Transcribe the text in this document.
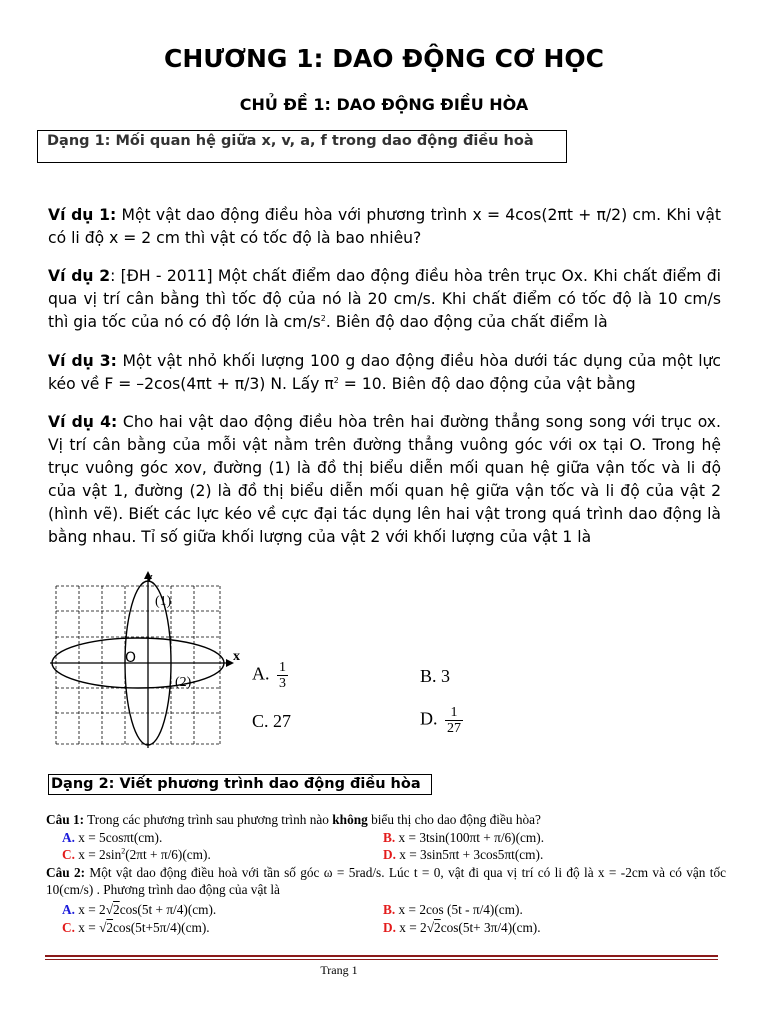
CHƯƠNG 1: DAO ĐỘNG CƠ HỌC
CHỦ ĐỀ 1: DAO ĐỘNG ĐIỀU HÒA
Dạng 1: Mối quan hệ giữa x, v, a, f trong dao động điều hoà
Ví dụ 1: Một vật dao động điều hòa với phương trình x = 4cos(2πt + π/2) cm. Khi vật có li độ x = 2 cm thì vật có tốc độ là bao nhiêu?
Ví dụ 2: [ĐH - 2011] Một chất điểm dao động điều hòa trên trục Ox. Khi chất điểm đi qua vị trí cân bằng thì tốc độ của nó là 20 cm/s. Khi chất điểm có tốc độ là 10 cm/s thì gia tốc của nó có độ lớn là $cm/s^2$. Biên độ dao động của chất điểm là
Ví dụ 3: Một vật nhỏ khối lượng 100 g dao động điều hòa dưới tác dụng của một lực kéo về F = –2cos(4πt + π/3) N. Lấy $\pi^2 = 10$. Biên độ dao động của vật bằng
Ví dụ 4: Cho hai vật dao động điều hòa trên hai đường thẳng song song với trục ox. Vị trí cân bằng của mỗi vật nằm trên đường thẳng vuông góc với ox tại O. Trong hệ trục vuông góc xov, đường (1) là đồ thị biểu diễn mối quan hệ giữa vận tốc và li độ của vật 1, đường (2) là đồ thị biểu diễn mối quan hệ giữa vận tốc và li độ của vật 2 (hình vẽ). Biết các lực kéo về cực đại tác dụng lên hai vật trong quá trình dao động là bằng nhau. Tỉ số giữa khối lượng của vật 2 với khối lượng của vật 1 là
v
x
O
(1)
(2)	A. $\frac{1}{3}$	B. 3
C. 27	D. $\frac{1}{27}$
Dạng 2: Viết phương trình dao động điều hòa
Câu 1: Trong các phương trình sau phương trình nào không biểu thị cho dao động điều hòa?
A. x = 5cosπt(cm).	B. x = 3tsin(100πt + π/6)(cm).
C. $x = 2\sin^2(2\pi t + \pi/6)(cm)$.	D. x = 3sin5πt + 3cos5πt(cm).
Câu 2: Một vật dao động điều hoà với tần số góc ω = 5rad/s. Lúc t = 0, vật đi qua vị trí có li độ là x = -2cm và có vận tốc 10(cm/s) . Phương trình dao động của vật là
A. x = 2√2cos(5t + π/4)(cm).	B. x = 2cos (5t - π/4)(cm).
C. x = √2cos(5t+5π/4)(cm).	D. x = 2√2cos(5t+ 3π/4)(cm).
Trang 1
